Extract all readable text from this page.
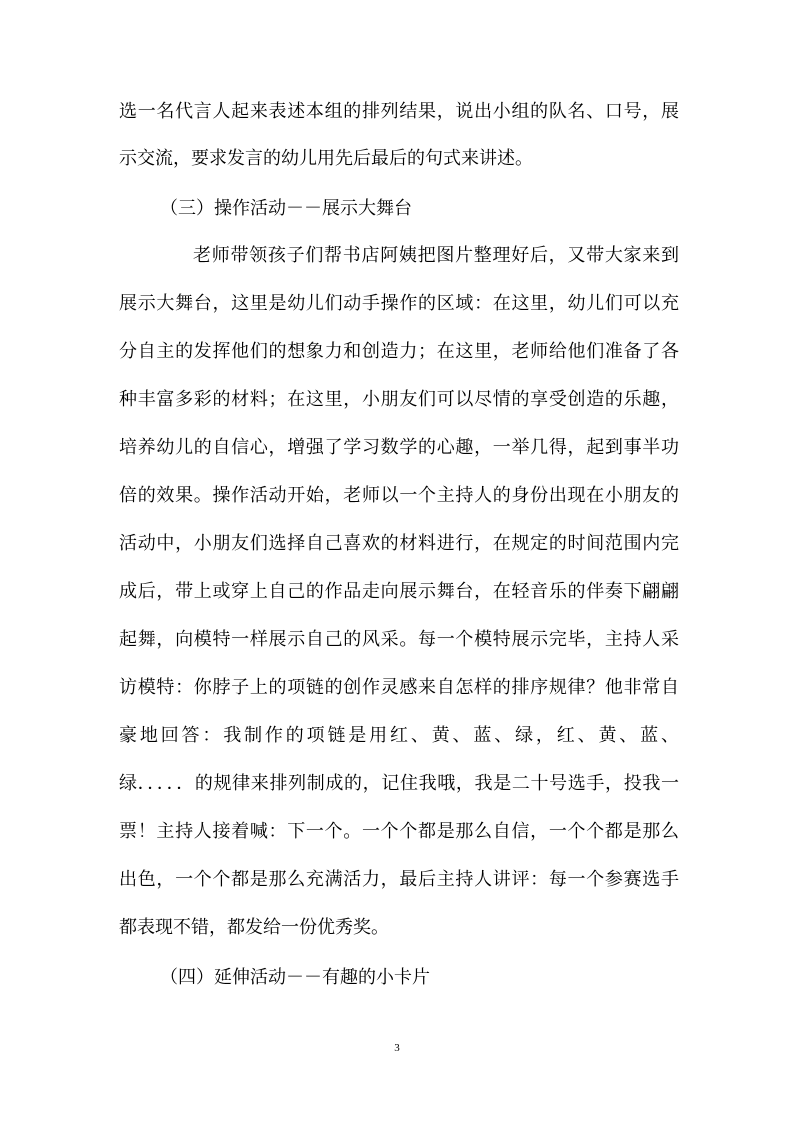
选一名代言人起来表述本组的排列结果，说出小组的队名、口号，展
示交流，要求发言的幼儿用先后最后的句式来讲述。
（三）操作活动－－展示大舞台
老师带领孩子们帮书店阿姨把图片整理好后，又带大家来到
展示大舞台，这里是幼儿们动手操作的区域：在这里，幼儿们可以充
分自主的发挥他们的想象力和创造力；在这里，老师给他们准备了各
种丰富多彩的材料；在这里，小朋友们可以尽情的享受创造的乐趣，
培养幼儿的自信心，增强了学习数学的心趣，一举几得，起到事半功
倍的效果。操作活动开始，老师以一个主持人的身份出现在小朋友的
活动中，小朋友们选择自己喜欢的材料进行，在规定的时间范围内完
成后，带上或穿上自己的作品走向展示舞台，在轻音乐的伴奏下翩翩
起舞，向模特一样展示自己的风采。每一个模特展示完毕，主持人采
访模特：你脖子上的项链的创作灵感来自怎样的排序规律？他非常自
豪地回答：我制作的项链是用红、黄、蓝、绿，红、黄、蓝、
绿．．．．．的规律来排列制成的，记住我哦，我是二十号选手，投我一
票！主持人接着喊：下一个。一个个都是那么自信，一个个都是那么
出色，一个个都是那么充满活力，最后主持人讲评：每一个参赛选手
都表现不错，都发给一份优秀奖。
（四）延伸活动－－有趣的小卡片
3
